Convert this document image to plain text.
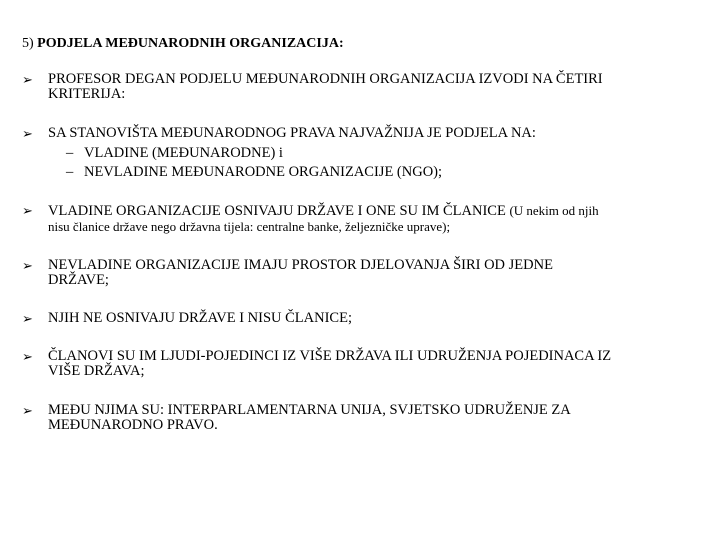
5) PODJELA MEĐUNARODNIH ORGANIZACIJA:
➢	PROFESOR DEGAN PODJELU MEĐUNARODNIH ORGANIZACIJA IZVODI NA ČETIRI
KRITERIJA:
➢	SA STANOVIŠTA MEĐUNARODNOG PRAVA NAJVAŽNIJA JE PODJELA NA:
– VLADINE (MEĐUNARODNE) i
– NEVLADINE MEĐUNARODNE ORGANIZACIJE (NGO);
➢	VLADINE ORGANIZACIJE OSNIVAJU DRŽAVE I ONE SU IM ČLANICE (U nekim od njih
nisu članice države nego državna tijela: centralne banke, željezničke uprave);
➢	NEVLADINE ORGANIZACIJE IMAJU PROSTOR DJELOVANJA ŠIRI OD JEDNE
DRŽAVE;
➢	NJIH NE OSNIVAJU DRŽAVE I NISU ČLANICE;
➢	ČLANOVI SU IM LJUDI-POJEDINCI IZ VIŠE DRŽAVA ILI UDRUŽENJA POJEDINACA IZ
VIŠE DRŽAVA;
➢	MEĐU NJIMA SU: INTERPARLAMENTARNA UNIJA, SVJETSKO UDRUŽENJE ZA
MEĐUNARODNO PRAVO.
